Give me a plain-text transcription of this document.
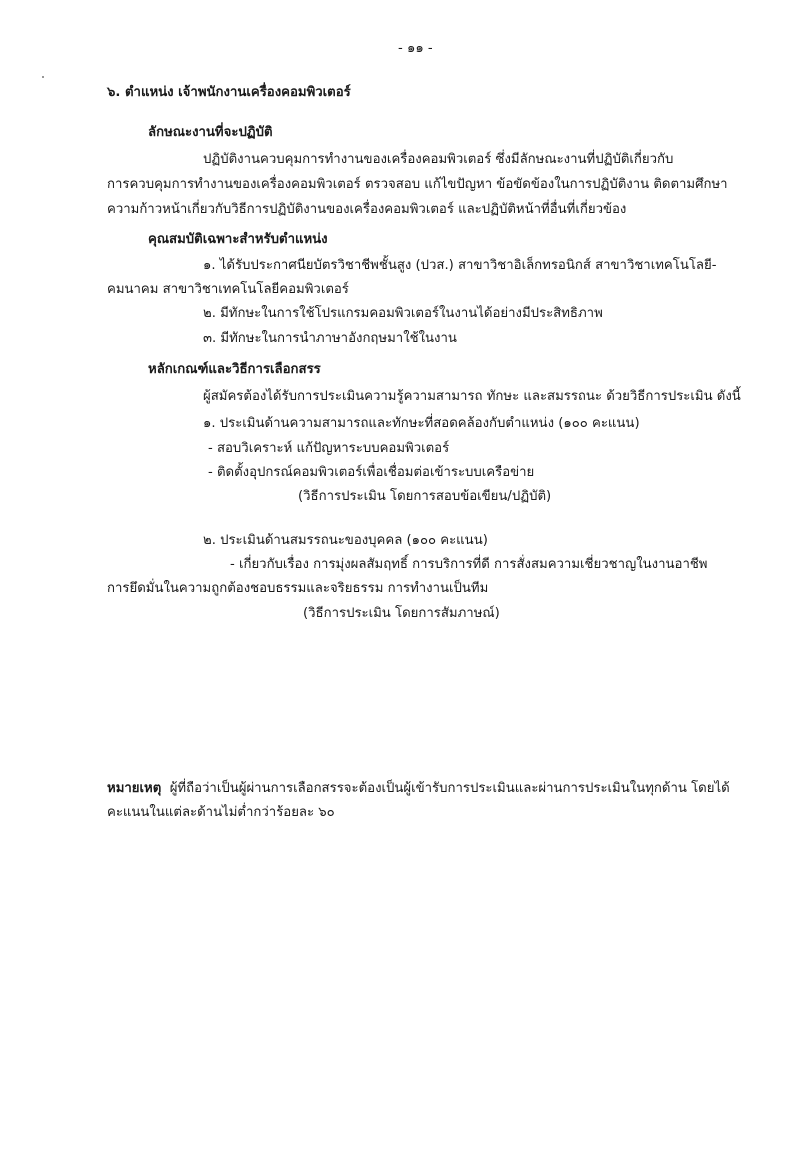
- ๑๑ -
๖. ตำแหน่ง เจ้าพนักงานเครื่องคอมพิวเตอร์
ลักษณะงานที่จะปฏิบัติ
ปฏิบัติงานควบคุมการทำงานของเครื่องคอมพิวเตอร์ ซึ่งมีลักษณะงานที่ปฏิบัติเกี่ยวกับ
การควบคุมการทำงานของเครื่องคอมพิวเตอร์ ตรวจสอบ แก้ไขปัญหา ข้อขัดข้องในการปฏิบัติงาน ติดตามศึกษา
ความก้าวหน้าเกี่ยวกับวิธีการปฏิบัติงานของเครื่องคอมพิวเตอร์ และปฏิบัติหน้าที่อื่นที่เกี่ยวข้อง
คุณสมบัติเฉพาะสำหรับตำแหน่ง
๑. ได้รับประกาศนียบัตรวิชาชีพชั้นสูง (ปวส.) สาขาวิชาอิเล็กทรอนิกส์ สาขาวิชาเทคโนโลยี-
คมนาคม สาขาวิชาเทคโนโลยีคอมพิวเตอร์
๒. มีทักษะในการใช้โปรแกรมคอมพิวเตอร์ในงานได้อย่างมีประสิทธิภาพ
๓. มีทักษะในการนำภาษาอังกฤษมาใช้ในงาน
หลักเกณฑ์และวิธีการเลือกสรร
ผู้สมัครต้องได้รับการประเมินความรู้ความสามารถ ทักษะ และสมรรถนะ ด้วยวิธีการประเมิน ดังนี้
๑. ประเมินด้านความสามารถและทักษะที่สอดคล้องกับตำแหน่ง (๑๐๐ คะแนน)
- สอบวิเคราะห์ แก้ปัญหาระบบคอมพิวเตอร์
- ติดตั้งอุปกรณ์คอมพิวเตอร์เพื่อเชื่อมต่อเข้าระบบเครือข่าย
(วิธีการประเมิน โดยการสอบข้อเขียน/ปฏิบัติ)
๒. ประเมินด้านสมรรถนะของบุคคล (๑๐๐ คะแนน)
- เกี่ยวกับเรื่อง การมุ่งผลสัมฤทธิ์ การบริการที่ดี การสั่งสมความเชี่ยวชาญในงานอาชีพ
การยึดมั่นในความถูกต้องชอบธรรมและจริยธรรม การทำงานเป็นทีม
(วิธีการประเมิน โดยการสัมภาษณ์)
หมายเหตุ ผู้ที่ถือว่าเป็นผู้ผ่านการเลือกสรรจะต้องเป็นผู้เข้ารับการประเมินและผ่านการประเมินในทุกด้าน โดยได้
คะแนนในแต่ละด้านไม่ต่ำกว่าร้อยละ ๖๐
